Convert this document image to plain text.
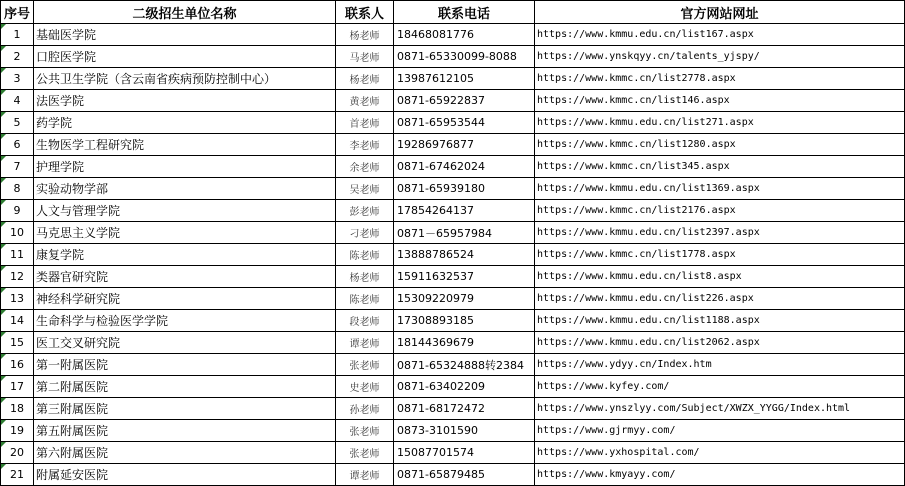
序号	二级招生单位名称	联系人	联系电话	官方网站网址

1	基础医学院	杨老师	18468081776	https://www.kmmu.edu.cn/list167.aspx

2	口腔医学院	马老师	0871-65330099-8088	https://www.ynskqyy.cn/talents_yjspy/

3	公共卫生学院（含云南省疾病预防控制中心）	杨老师	13987612105	https://www.kmmc.cn/list2778.aspx

4	法医学院	黄老师	0871-65922837	https://www.kmmc.cn/list146.aspx

5	药学院	首老师	0871-65953544	https://www.kmmu.edu.cn/list271.aspx

6	生物医学工程研究院	李老师	19286976877	https://www.kmmc.cn/list1280.aspx

7	护理学院	余老师	0871-67462024	https://www.kmmc.cn/list345.aspx

8	实验动物学部	吴老师	0871-65939180	https://www.kmmu.edu.cn/list1369.aspx

9	人文与管理学院	彭老师	17854264137	https://www.kmmc.cn/list2176.aspx

10	马克思主义学院	刁老师	0871－65957984	https://www.kmmu.edu.cn/list2397.aspx

11	康复学院	陈老师	13888786524	https://www.kmmc.cn/list1778.aspx

12	类器官研究院	杨老师	15911632537	https://www.kmmu.edu.cn/list8.aspx

13	神经科学研究院	陈老师	15309220979	https://www.kmmu.edu.cn/list226.aspx

14	生命科学与检验医学学院	段老师	17308893185	https://www.kmmu.edu.cn/list1188.aspx

15	医工交叉研究院	谭老师	18144369679	https://www.kmmu.edu.cn/list2062.aspx

16	第一附属医院	张老师	0871-65324888转2384	https://www.ydyy.cn/Index.htm

17	第二附属医院	史老师	0871-63402209	https://www.kyfey.com/

18	第三附属医院	孙老师	0871-68172472	https://www.ynszlyy.com/Subject/XWZX_YYGG/Index.html

19	第五附属医院	张老师	0873-3101590	https://www.gjrmyy.com/

20	第六附属医院	张老师	15087701574	https://www.yxhospital.com/

21	附属延安医院	谭老师	0871-65879485	https://www.kmyayy.com/
